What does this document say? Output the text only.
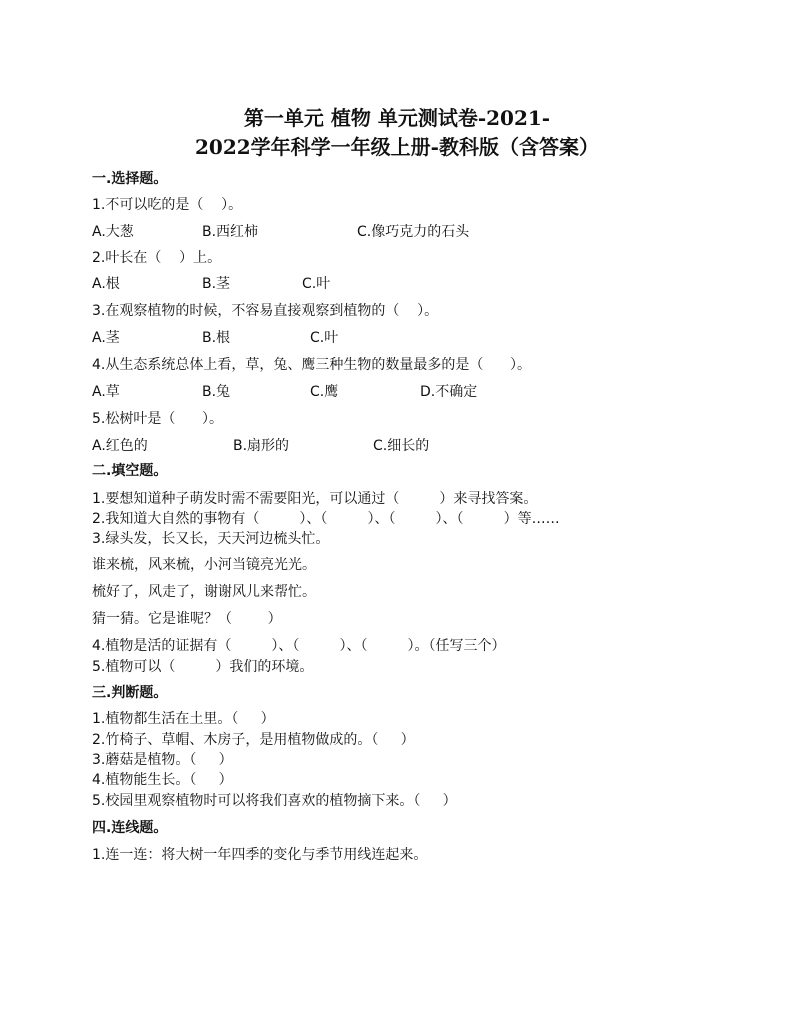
第一单元 植物 单元测试卷-2021-
2022学年科学一年级上册-教科版（含答案）
一.选择题。
1.不可以吃的是（    ）。
A.大葱	B.西红柿	C.像巧克力的石头
2.叶长在（    ）上。
A.根	B.茎	C.叶
3.在观察植物的时候，不容易直接观察到植物的（    ）。
A.茎	B.根	C.叶
4.从生态系统总体上看，草，兔、鹰三种生物的数量最多的是（      ）。
A.草	B.兔	C.鹰	D.不确定
5.松树叶是（      ）。
A.红色的	B.扇形的	C.细长的
二.填空题。
1.要想知道种子萌发时需不需要阳光，可以通过（         ）来寻找答案。
2.我知道大自然的事物有（         ）、（         ）、（         ）、（         ）等……
3.绿头发，长又长，天天河边梳头忙。
谁来梳，风来梳，小河当镜亮光光。
梳好了，风走了，谢谢风儿来帮忙。
猜一猜。它是谁呢？（        ）
4.植物是活的证据有（         ）、（         ）、（         ）。（任写三个）
5.植物可以（         ）我们的环境。
三.判断题。
1.植物都生活在土里。（     ）
2.竹椅子、草帽、木房子，是用植物做成的。（     ）
3.蘑菇是植物。（     ）
4.植物能生长。（     ）
5.校园里观察植物时可以将我们喜欢的植物摘下来。（     ）
四.连线题。
1.连一连：将大树一年四季的变化与季节用线连起来。
